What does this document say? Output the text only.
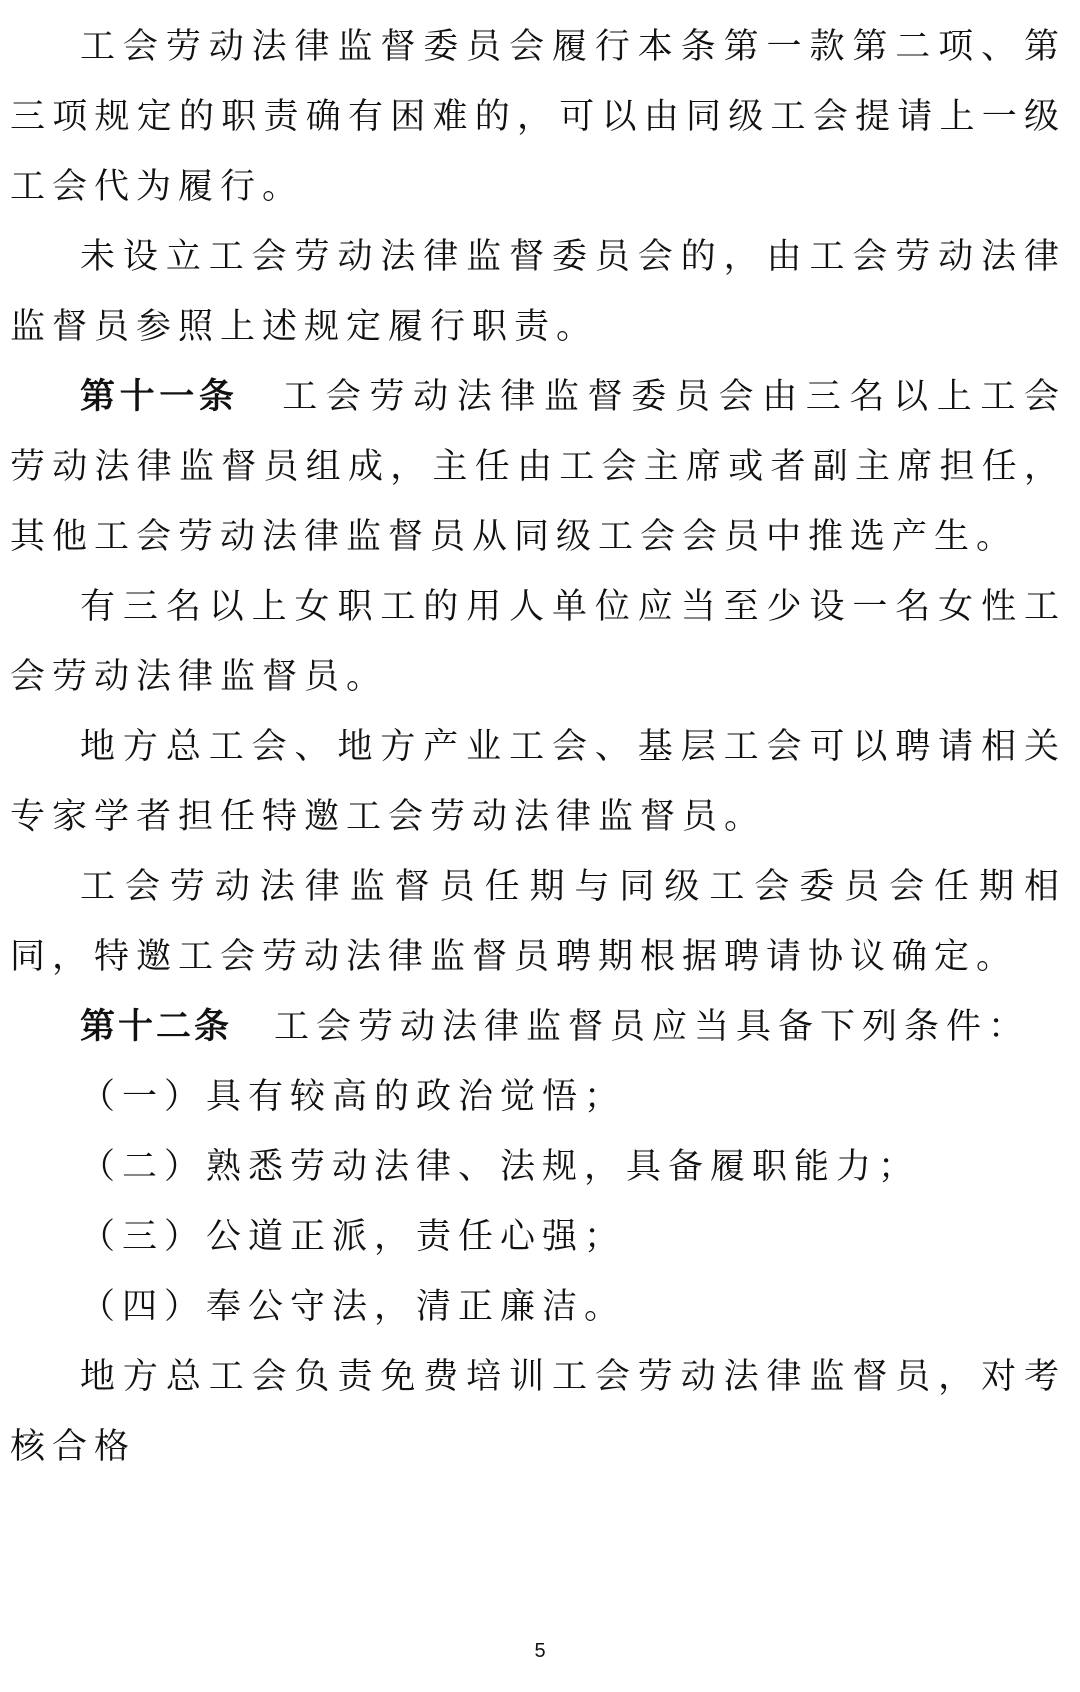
工会劳动法律监督委员会履行本条第一款第二项、第三项规定的职责确有困难的，可以由同级工会提请上一级工会代为履行。

未设立工会劳动法律监督委员会的，由工会劳动法律监督员参照上述规定履行职责。

第十一条　 工会劳动法律监督委员会由三名以上工会劳动法律监督员组成，主任由工会主席或者副主席担任，其他工会劳动法律监督员从同级工会会员中推选产生。

有三名以上女职工的用人单位应当至少设一名女性工会劳动法律监督员。

地方总工会、地方产业工会、基层工会可以聘请相关专家学者担任特邀工会劳动法律监督员。

工会劳动法律监督员任期与同级工会委员会任期相同，特邀工会劳动法律监督员聘期根据聘请协议确定。

第十二条　 工会劳动法律监督员应当具备下列条件：

（一）具有较高的政治觉悟；

（二）熟悉劳动法律、法规，具备履职能力；

（三）公道正派，责任心强；

（四）奉公守法，清正廉洁。

地方总工会负责免费培训工会劳动法律监督员，对考核合格

5
